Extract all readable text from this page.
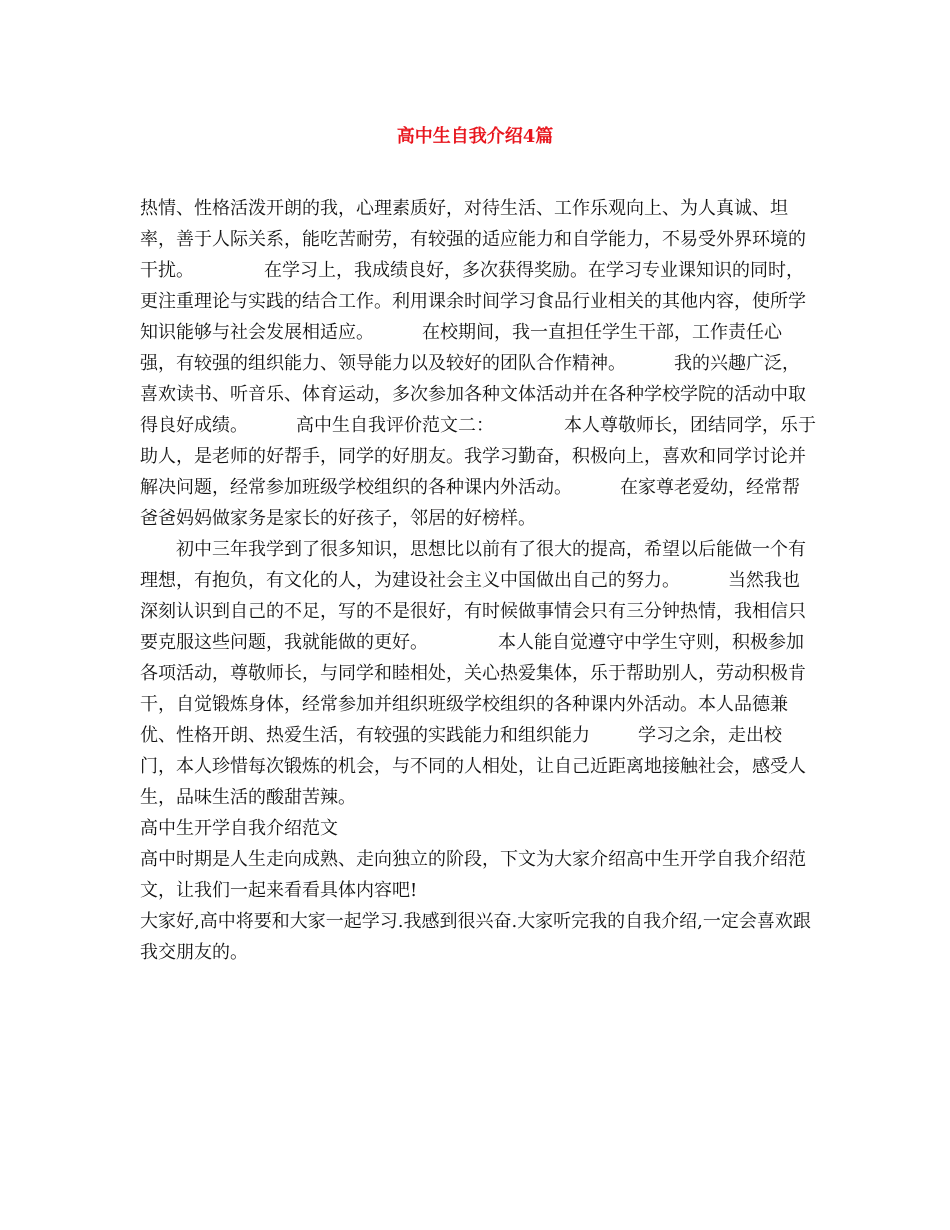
高中生自我介绍4篇

热情、性格活泼开朗的我，心理素质好，对待生活、工作乐观向上、为人真诚、坦率，善于人际关系，能吃苦耐劳，有较强的适应能力和自学能力，不易受外界环境的干扰。	在学习上，我成绩良好，多次获得奖励。在学习专业课知识的同时，更注重理论与实践的结合工作。利用课余时间学习食品行业相关的其他内容，使所学知识能够与社会发展相适应。	在校期间，我一直担任学生干部，工作责任心强，有较强的组织能力、领导能力以及较好的团队合作精神。	我的兴趣广泛，喜欢读书、听音乐、体育运动，多次参加各种文体活动并在各种学校学院的活动中取得良好成绩。	高中生自我评价范文二：	本人尊敬师长，团结同学，乐于助人，是老师的好帮手，同学的好朋友。我学习勤奋，积极向上，喜欢和同学讨论并解决问题，经常参加班级学校组织的各种课内外活动。	在家尊老爱幼，经常帮爸爸妈妈做家务是家长的好孩子，邻居的好榜样。

初中三年我学到了很多知识，思想比以前有了很大的提高，希望以后能做一个有理想，有抱负，有文化的人，为建设社会主义中国做出自己的努力。	当然我也深刻认识到自己的不足，写的不是很好，有时候做事情会只有三分钟热情，我相信只要克服这些问题，我就能做的更好。	本人能自觉遵守中学生守则，积极参加各项活动，尊敬师长，与同学和睦相处，关心热爱集体，乐于帮助别人，劳动积极肯干，自觉锻炼身体，经常参加并组织班级学校组织的各种课内外活动。本人品德兼优、性格开朗、热爱生活，有较强的实践能力和组织能力	学习之余，走出校门，本人珍惜每次锻炼的机会，与不同的人相处，让自己近距离地接触社会，感受人生，品味生活的酸甜苦辣。

高中生开学自我介绍范文

高中时期是人生走向成熟、走向独立的阶段，下文为大家介绍高中生开学自我介绍范文，让我们一起来看看具体内容吧!

大家好,高中将要和大家一起学习.我感到很兴奋.大家听完我的自我介绍,一定会喜欢跟我交朋友的。
